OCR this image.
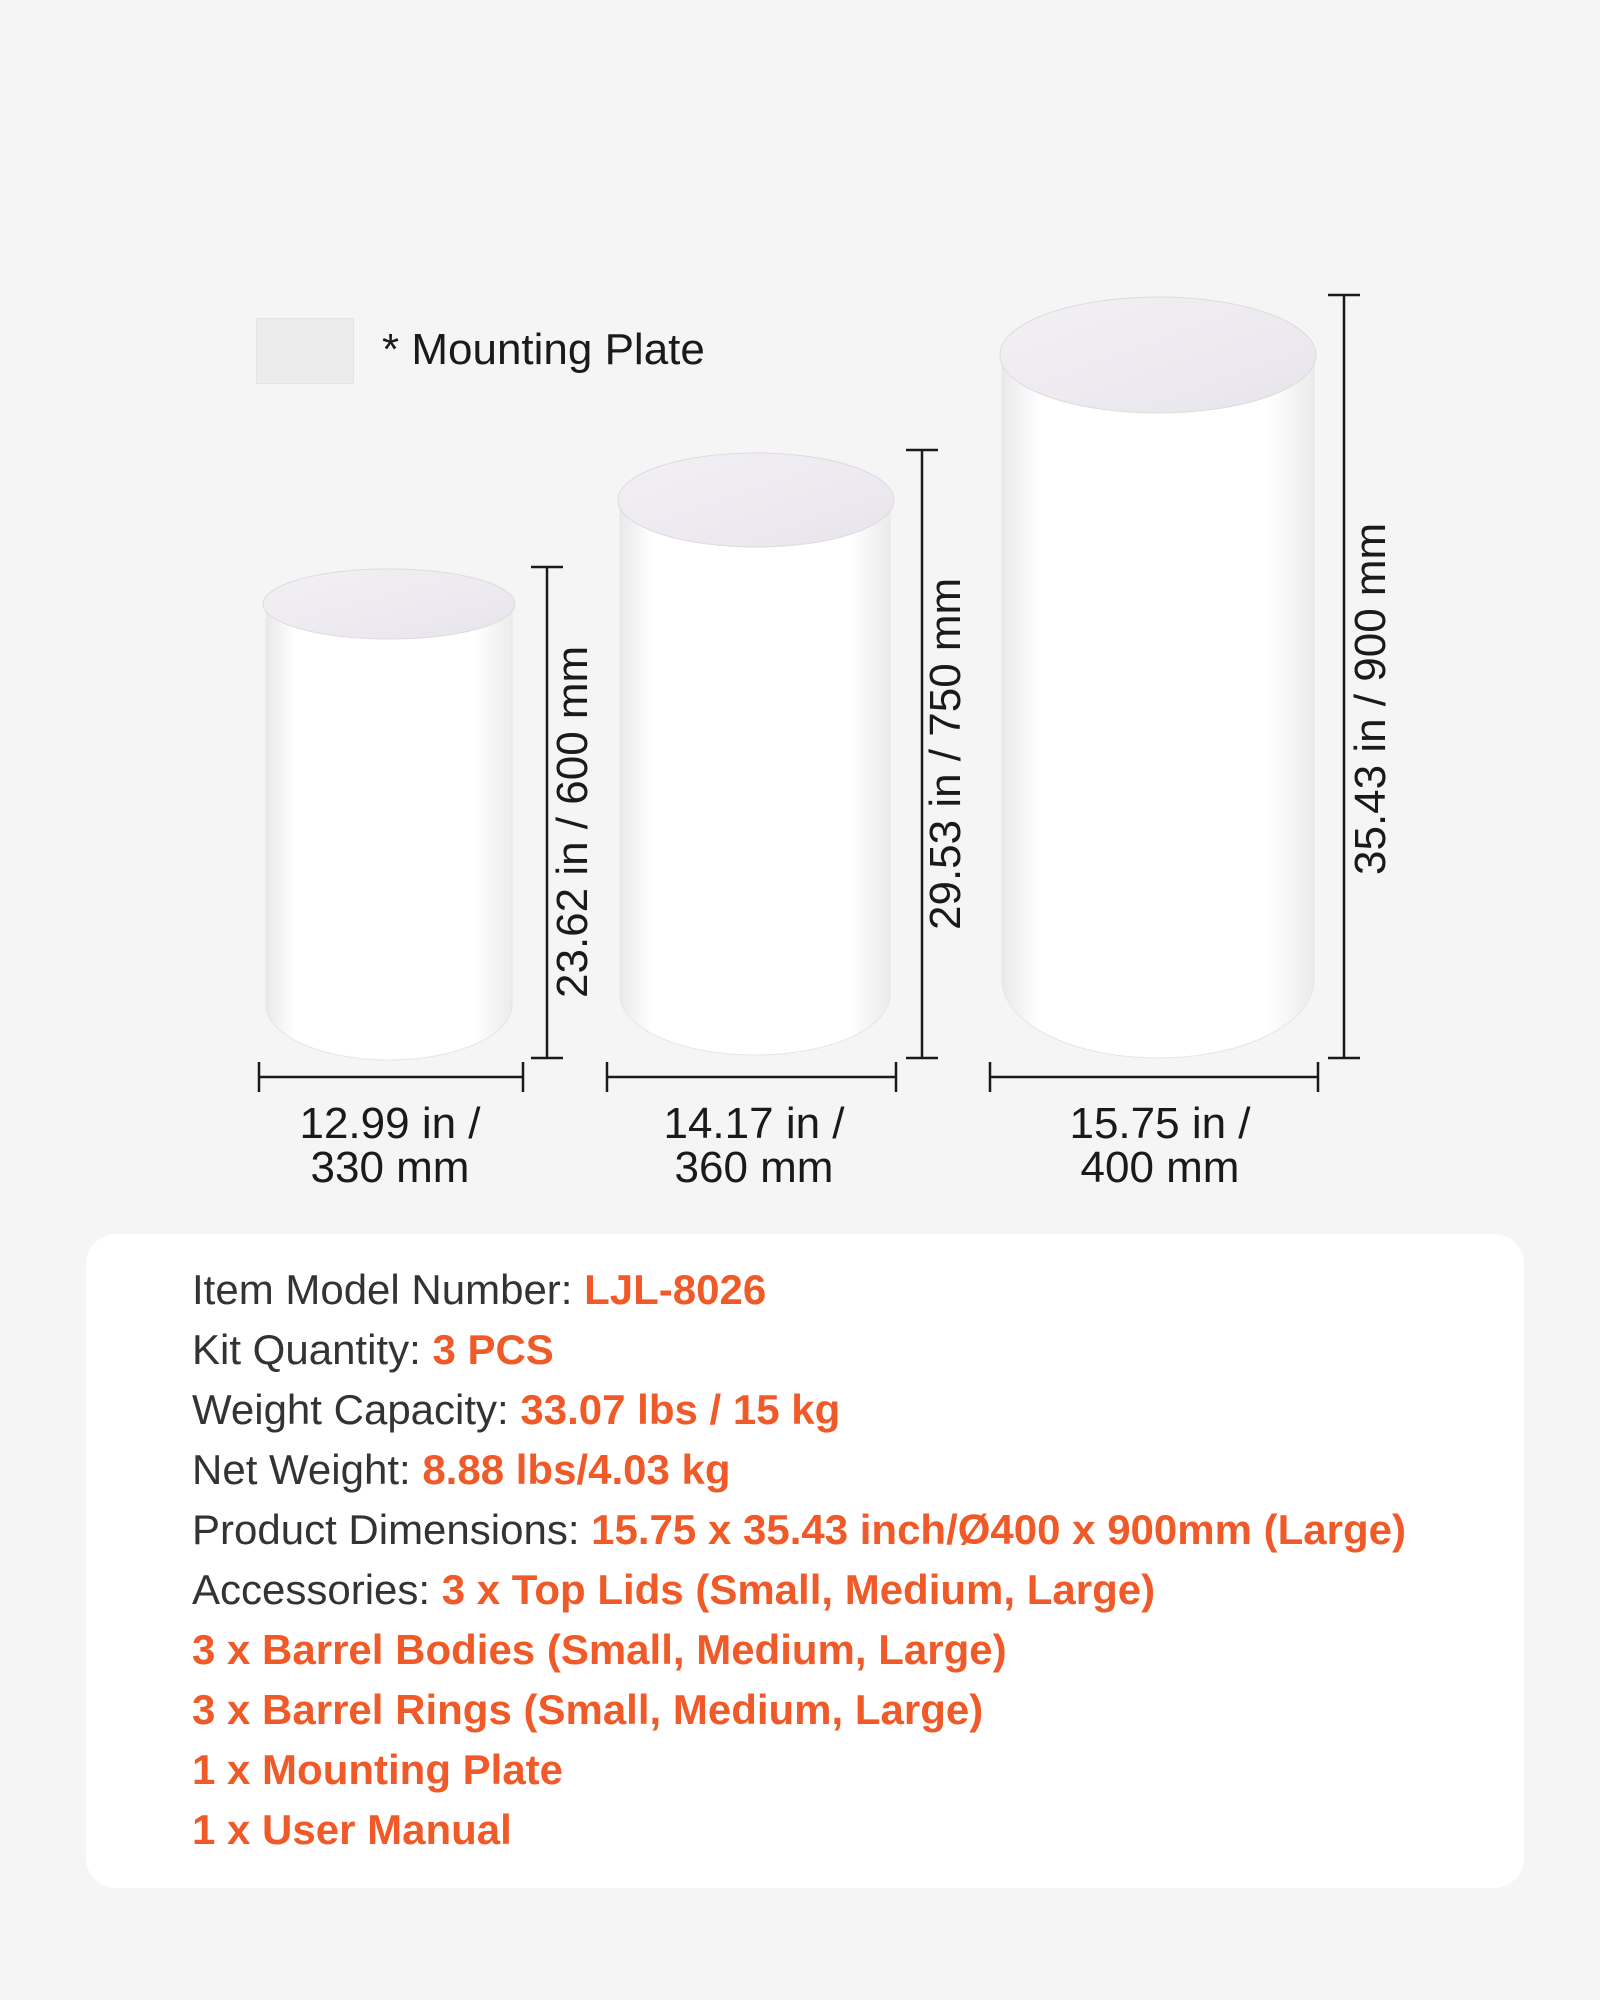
* Mounting Plate
12.99 in /
330 mm
14.17 in /
360 mm
15.75 in /
400 mm
23.62 in / 600 mm	29.53 in / 750 mm	35.43 in / 900 mm
Item Model Number: LJL-8026
Kit Quantity: 3 PCS
Weight Capacity: 33.07 lbs / 15 kg
Net Weight: 8.88 lbs/4.03 kg
Product Dimensions: 15.75 x 35.43 inch/Ø400 x 900mm (Large)
Accessories: 3 x Top Lids (Small, Medium, Large)
3 x Barrel Bodies (Small, Medium, Large)
3 x Barrel Rings (Small, Medium, Large)
1 x Mounting Plate
1 x User Manual
